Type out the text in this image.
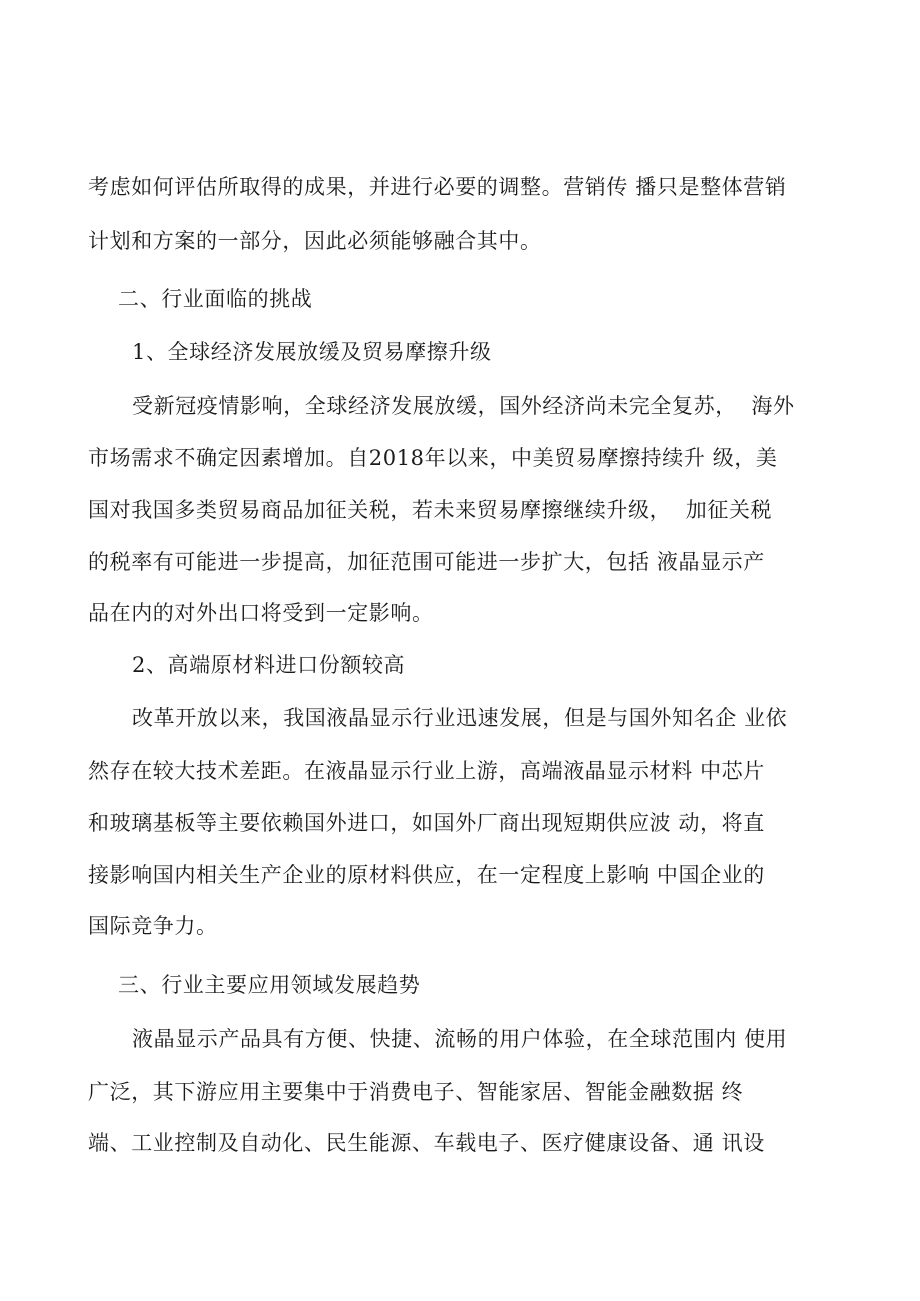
考虑如何评估所取得的成果，并进行必要的调整。营销传 播只是整体营销
计划和方案的一部分，因此必须能够融合其中。
二、行业面临的挑战
1、全球经济发展放缓及贸易摩擦升级
受新冠疫情影响，全球经济发展放缓，国外经济尚未完全复苏，  海外
市场需求不确定因素增加。自2018年以来，中美贸易摩擦持续升 级，美
国对我国多类贸易商品加征关税，若未来贸易摩擦继续升级，  加征关税
的税率有可能进一步提高，加征范围可能进一步扩大，包括 液晶显示产
品在内的对外出口将受到一定影响。
2、高端原材料进口份额较高
改革开放以来，我国液晶显示行业迅速发展，但是与国外知名企 业依
然存在较大技术差距。在液晶显示行业上游，高端液晶显示材料 中芯片
和玻璃基板等主要依赖国外进口，如国外厂商出现短期供应波 动，将直
接影响国内相关生产企业的原材料供应，在一定程度上影响 中国企业的
国际竞争力。
三、行业主要应用领域发展趋势
液晶显示产品具有方便、快捷、流畅的用户体验，在全球范围内 使用
广泛，其下游应用主要集中于消费电子、智能家居、智能金融数据 终
端、工业控制及自动化、民生能源、车载电子、医疗健康设备、通 讯设
